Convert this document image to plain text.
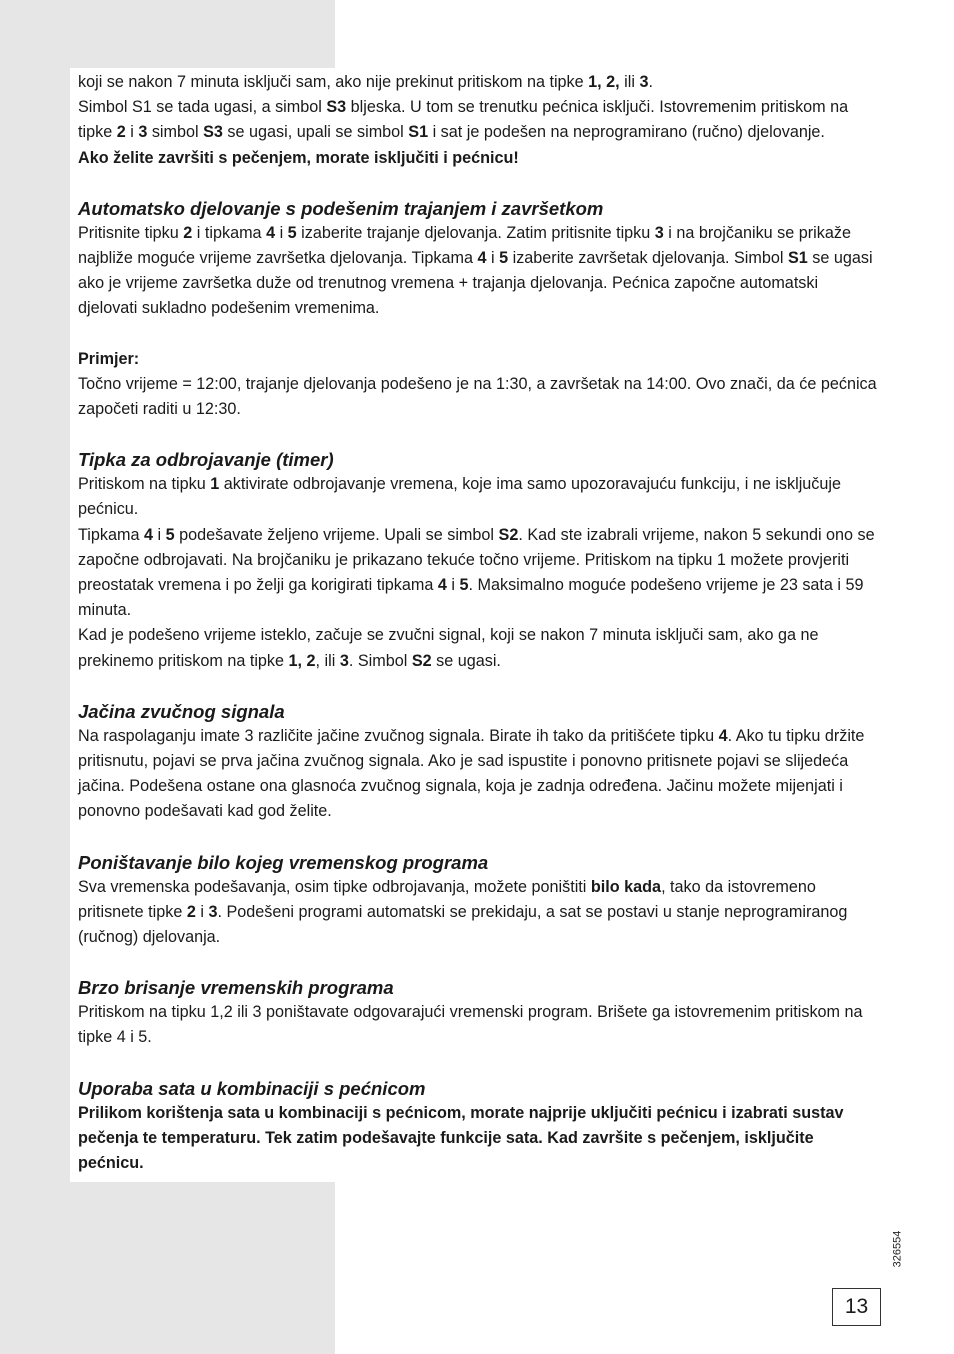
koji se nakon 7 minuta isključi sam, ako nije prekinut pritiskom na tipke 1, 2, ili 3.

Simbol S1 se tada ugasi, a simbol S3 bljeska. U tom se trenutku pećnica isključi. Istovremenim pritiskom na tipke 2 i 3 simbol S3 se ugasi, upali se simbol S1 i sat je podešen na neprogramirano (ručno) djelovanje.

Ako želite završiti s pečenjem, morate isključiti i pećnicu!

Automatsko djelovanje s podešenim trajanjem i završetkom

Pritisnite tipku 2 i tipkama 4 i 5 izaberite trajanje djelovanja. Zatim pritisnite tipku 3 i na brojčaniku se prikaže najbliže moguće vrijeme završetka djelovanja. Tipkama 4 i 5 izaberite završetak djelovanja. Simbol S1 se ugasi ako je vrijeme završetka duže od trenutnog vremena + trajanja djelovanja. Pećnica započne automatski djelovati sukladno podešenim vremenima.

Primjer:

Točno vrijeme = 12:00, trajanje djelovanja podešeno je na 1:30, a završetak na 14:00. Ovo znači, da će pećnica započeti raditi u 12:30.

Tipka za odbrojavanje (timer)

Pritiskom na tipku 1 aktivirate odbrojavanje vremena, koje ima samo upozoravajuću funkciju, i ne isključuje pećnicu.

Tipkama 4 i 5 podešavate željeno vrijeme. Upali se simbol S2. Kad ste izabrali vrijeme, nakon 5 sekundi ono se započne odbrojavati. Na brojčaniku je prikazano tekuće točno vrijeme. Pritiskom na tipku 1 možete provjeriti preostatak vremena i po želji ga korigirati tipkama 4 i 5. Maksimalno moguće podešeno vrijeme je 23 sata i 59 minuta.

Kad je podešeno vrijeme isteklo, začuje se zvučni signal, koji se nakon 7 minuta isključi sam, ako ga ne prekinemo pritiskom na tipke 1, 2, ili 3. Simbol S2 se ugasi.

Jačina zvučnog signala

Na raspolaganju imate 3 različite jačine zvučnog signala. Birate ih tako da pritišćete tipku 4. Ako tu tipku držite pritisnutu, pojavi se prva jačina zvučnog signala. Ako je sad ispustite i ponovno pritisnete pojavi se slijedeća jačina. Podešena ostane ona glasnoća zvučnog signala, koja je zadnja određena. Jačinu možete mijenjati i ponovno podešavati kad god želite.

Poništavanje bilo kojeg vremenskog programa

Sva vremenska podešavanja, osim tipke odbrojavanja, možete poništiti bilo kada, tako da istovremeno pritisnete tipke 2 i 3. Podešeni programi automatski se prekidaju, a sat se postavi u stanje neprogramiranog (ručnog) djelovanja.

Brzo brisanje vremenskih programa

Pritiskom na tipku 1,2 ili 3 poništavate odgovarajući vremenski program. Brišete ga istovremenim pritiskom na tipke 4 i 5.

Uporaba sata u kombinaciji s pećnicom

Prilikom korištenja sata u kombinaciji s pećnicom, morate najprije uključiti pećnicu i izabrati sustav pečenja te temperaturu. Tek zatim podešavajte funkcije sata. Kad završite s pečenjem, isključite pećnicu.

326554
13
